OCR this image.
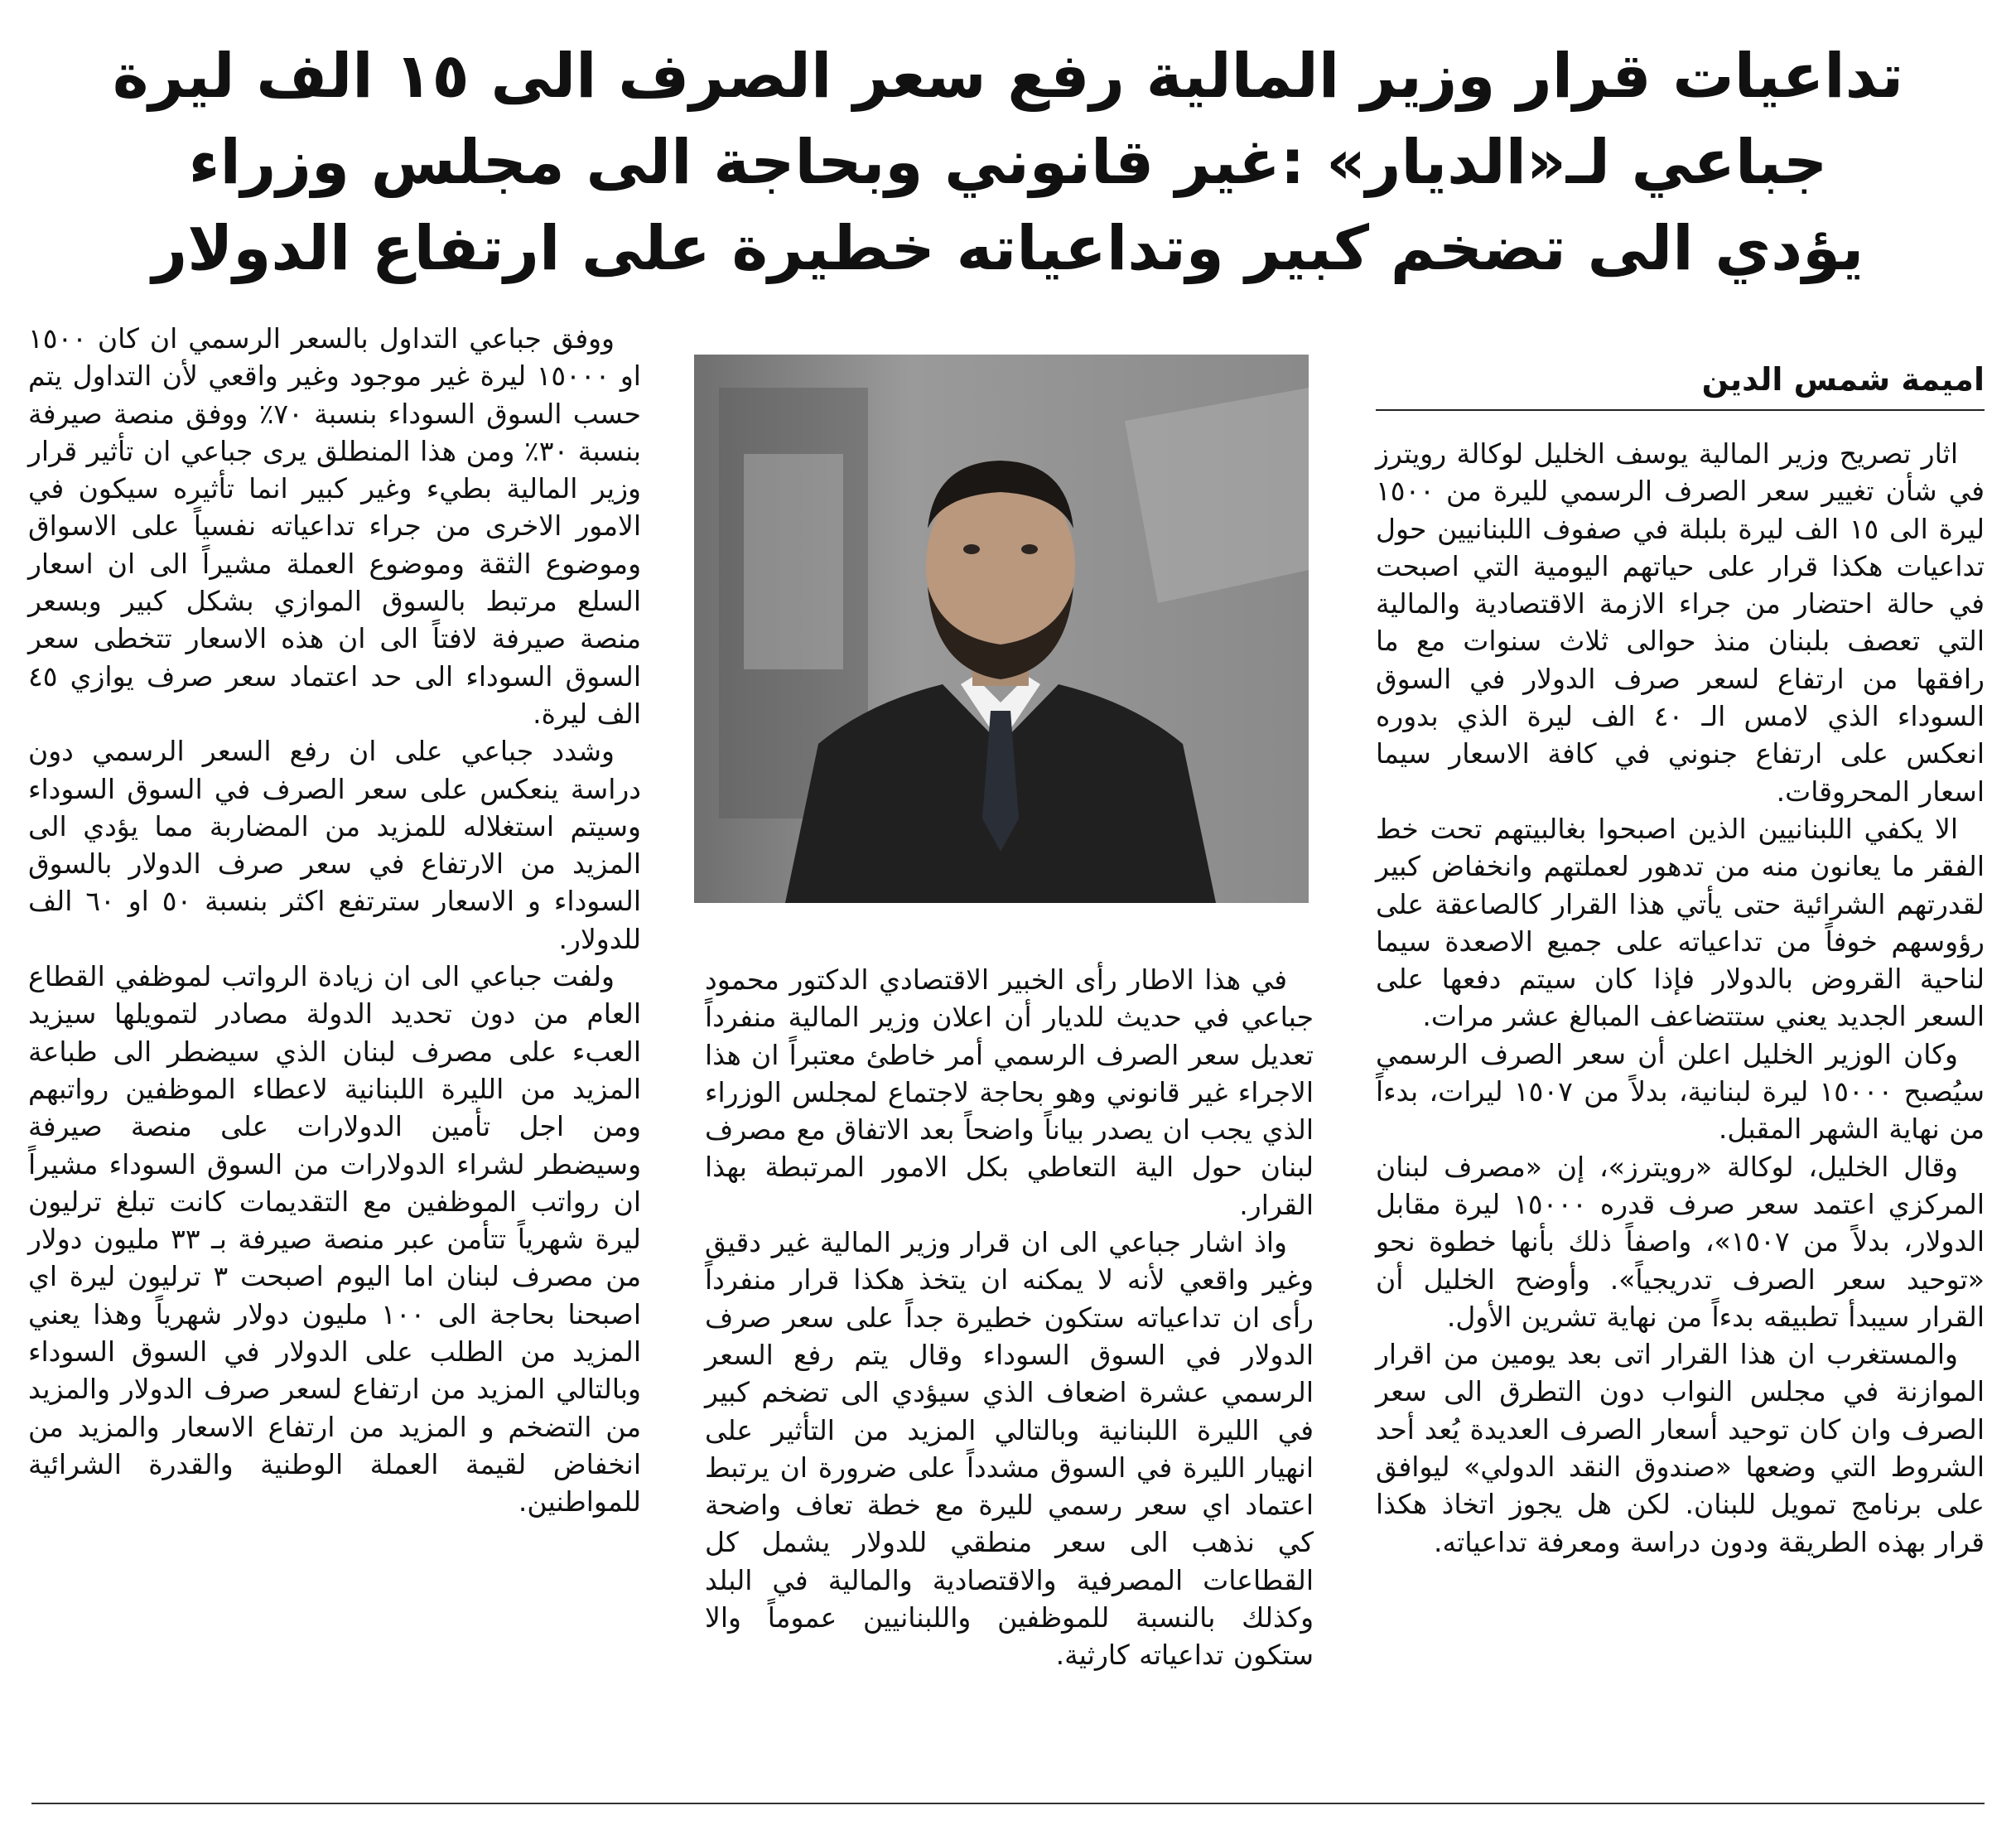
تداعيات قرار وزير المالية رفع سعر الصرف الى ١٥ الف ليرة
جباعي لـ«الديار» :غير قانوني وبحاجة الى مجلس وزراء
يؤدي الى تضخم كبير وتداعياته خطيرة على ارتفاع الدولار
اميمة شمس الدين

اثار تصريح وزير المالية يوسف الخليل لوكالة رويترز في شأن تغيير سعر الصرف الرسمي لليرة من ١٥٠٠ ليرة الى ١٥ الف ليرة بلبلة في صفوف اللبنانيين حول تداعيات هكذا قرار على حياتهم اليومية التي اصبحت في حالة احتضار من جراء الازمة الاقتصادية والمالية التي تعصف بلبنان منذ حوالى ثلاث سنوات مع ما رافقها من ارتفاع لسعر صرف الدولار في السوق السوداء الذي لامس الـ ٤٠ الف ليرة الذي بدوره انعكس على ارتفاع جنوني في كافة الاسعار سيما اسعار المحروقات.

الا يكفي اللبنانيين الذين اصبحوا بغالبيتهم تحت خط الفقر ما يعانون منه من تدهور لعملتهم وانخفاض كبير لقدرتهم الشرائية حتى يأتي هذا القرار كالصاعقة على رؤوسهم خوفاً من تداعياته على جميع الاصعدة سيما لناحية القروض بالدولار فإذا كان سيتم دفعها على السعر الجديد يعني ستتضاعف المبالغ عشر مرات.

وكان الوزير الخليل اعلن أن سعر الصرف الرسمي سيُصبح ١٥٠٠٠ ليرة لبنانية، بدلاً من ١٥٠٧ ليرات، بدءاً من نهاية الشهر المقبل.

وقال الخليل، لوكالة «رويترز»، إن «مصرف لبنان المركزي اعتمد سعر صرف قدره ١٥٠٠٠ ليرة مقابل الدولار، بدلاً من ١٥٠٧»، واصفاً ذلك بأنها خطوة نحو «توحيد سعر الصرف تدريجياً». وأوضح الخليل أن القرار سيبدأ تطبيقه بدءاً من نهاية تشرين الأول.

والمستغرب ان هذا القرار اتى بعد يومين من اقرار الموازنة في مجلس النواب دون التطرق الى سعر الصرف وان كان توحيد أسعار الصرف العديدة يُعد أحد الشروط التي وضعها «صندوق النقد الدولي» ليوافق على برنامج تمويل للبنان. لكن هل يجوز اتخاذ هكذا قرار بهذه الطريقة ودون دراسة ومعرفة تداعياته.

في هذا الاطار رأى الخبير الاقتصادي الدكتور محمود جباعي في حديث للديار أن اعلان وزير المالية منفرداً تعديل سعر الصرف الرسمي أمر خاطئ معتبراً ان هذا الاجراء غير قانوني وهو بحاجة لاجتماع لمجلس الوزراء الذي يجب ان يصدر بياناً واضحاً بعد الاتفاق مع مصرف لبنان حول الية التعاطي بكل الامور المرتبطة بهذا القرار.

واذ اشار جباعي الى ان قرار وزير المالية غير دقيق وغير واقعي لأنه لا يمكنه ان يتخذ هكذا قرار منفرداً رأى ان تداعياته ستكون خطيرة جداً على سعر صرف الدولار في السوق السوداء وقال يتم رفع السعر الرسمي عشرة اضعاف الذي سيؤدي الى تضخم كبير في الليرة اللبنانية وبالتالي المزيد من التأثير على انهيار الليرة في السوق مشدداً على ضرورة ان يرتبط اعتماد اي سعر رسمي لليرة مع خطة تعاف واضحة كي نذهب الى سعر منطقي للدولار يشمل كل القطاعات المصرفية والاقتصادية والمالية في البلد وكذلك بالنسبة للموظفين واللبنانيين عموماً والا ستكون تداعياته كارثية.

ووفق جباعي التداول بالسعر الرسمي ان كان ١٥٠٠ او ١٥٠٠٠ ليرة غير موجود وغير واقعي لأن التداول يتم حسب السوق السوداء بنسبة ٧٠٪ ووفق منصة صيرفة بنسبة ٣٠٪ ومن هذا المنطلق يرى جباعي ان تأثير قرار وزير المالية بطيء وغير كبير انما تأثيره سيكون في الامور الاخرى من جراء تداعياته نفسياً على الاسواق وموضوع الثقة وموضوع العملة مشيراً الى ان اسعار السلع مرتبط بالسوق الموازي بشكل كبير وبسعر منصة صيرفة لافتاً الى ان هذه الاسعار تتخطى سعر السوق السوداء الى حد اعتماد سعر صرف يوازي ٤٥ الف ليرة.

وشدد جباعي على ان رفع السعر الرسمي دون دراسة ينعكس على سعر الصرف في السوق السوداء وسيتم استغلاله للمزيد من المضاربة مما يؤدي الى المزيد من الارتفاع في سعر صرف الدولار بالسوق السوداء و الاسعار سترتفع اكثر بنسبة ٥٠ او ٦٠ الف للدولار.

ولفت جباعي الى ان زيادة الرواتب لموظفي القطاع العام من دون تحديد الدولة مصادر لتمويلها سيزيد العبء على مصرف لبنان الذي سيضطر الى طباعة المزيد من الليرة اللبنانية لاعطاء الموظفين رواتبهم ومن اجل تأمين الدولارات على منصة صيرفة وسيضطر لشراء الدولارات من السوق السوداء مشيراً ان رواتب الموظفين مع التقديمات كانت تبلغ ترليون ليرة شهرياً تتأمن عبر منصة صيرفة بـ ٣٣ مليون دولار من مصرف لبنان اما اليوم اصبحت ٣ ترليون ليرة اي اصبحنا بحاجة الى ١٠٠ مليون دولار شهرياً وهذا يعني المزيد من الطلب على الدولار في السوق السوداء وبالتالي المزيد من ارتفاع لسعر صرف الدولار والمزيد من التضخم و المزيد من ارتفاع الاسعار والمزيد من انخفاض لقيمة العملة الوطنية والقدرة الشرائية للمواطنين.
